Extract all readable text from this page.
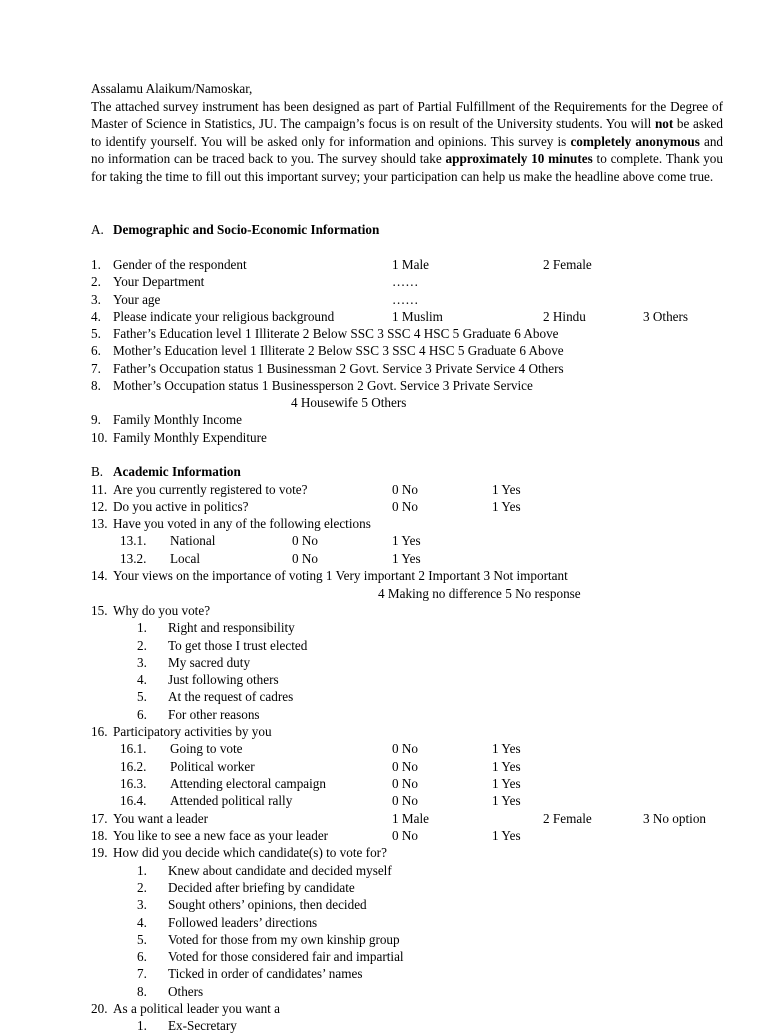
Assalamu Alaikum/Namoskar,

The attached survey instrument has been designed as part of Partial Fulfillment of the Requirements for the Degree of Master of Science in Statistics, JU. The campaign’s focus is on result of the University students. You will not be asked to identify yourself. You will be asked only for information and opinions. This survey is completely anonymous and no information can be traced back to you. The survey should take approximately 10 minutes to complete. Thank you for taking the time to fill out this important survey; your participation can help us make the headline above come true.

A. Demographic and Socio-Economic Information
1. Gender of the respondent	1 Male	2 Female
2. Your Department	……
3. Your age	……
4. Please indicate your religious background	1 Muslim	2 Hindu	3 Others
5. Father’s Education level 1 Illiterate 2 Below SSC 3 SSC 4 HSC 5 Graduate 6 Above
6. Mother’s Education level 1 Illiterate 2 Below SSC 3 SSC 4 HSC 5 Graduate 6 Above
7. Father’s Occupation status 1 Businessman 2 Govt. Service 3 Private Service 4 Others
8. Mother’s Occupation status 1 Businessperson 2 Govt. Service 3 Private Service
4 Housewife 5 Others
9. Family Monthly Income
10. Family Monthly Expenditure
B. Academic Information
11. Are you currently registered to vote?	0 No	1 Yes
12. Do you active in politics?	0 No	1 Yes
13. Have you voted in any of the following elections
13.1. National	0 No	1 Yes
13.2. Local	0 No	1 Yes
14. Your views on the importance of voting 1 Very important 2 Important 3 Not important
4 Making no difference 5 No response
15. Why do you vote?
1. Right and responsibility
2. To get those I trust elected
3. My sacred duty
4. Just following others
5. At the request of cadres
6. For other reasons
16. Participatory activities by you
16.1. Going to vote	0 No	1 Yes
16.2. Political worker	0 No	1 Yes
16.3. Attending electoral campaign	0 No	1 Yes
16.4. Attended political rally	0 No	1 Yes
17. You want a leader	1 Male	2 Female	3 No option
18. You like to see a new face as your leader	0 No	1 Yes
19. How did you decide which candidate(s) to vote for?
1. Knew about candidate and decided myself
2. Decided after briefing by candidate
3. Sought others’ opinions, then decided
4. Followed leaders’ directions
5. Voted for those from my own kinship group
6. Voted for those considered fair and impartial
7. Ticked in order of candidates’ names
8. Others
20. As a political leader you want a
1. Ex-Secretary
